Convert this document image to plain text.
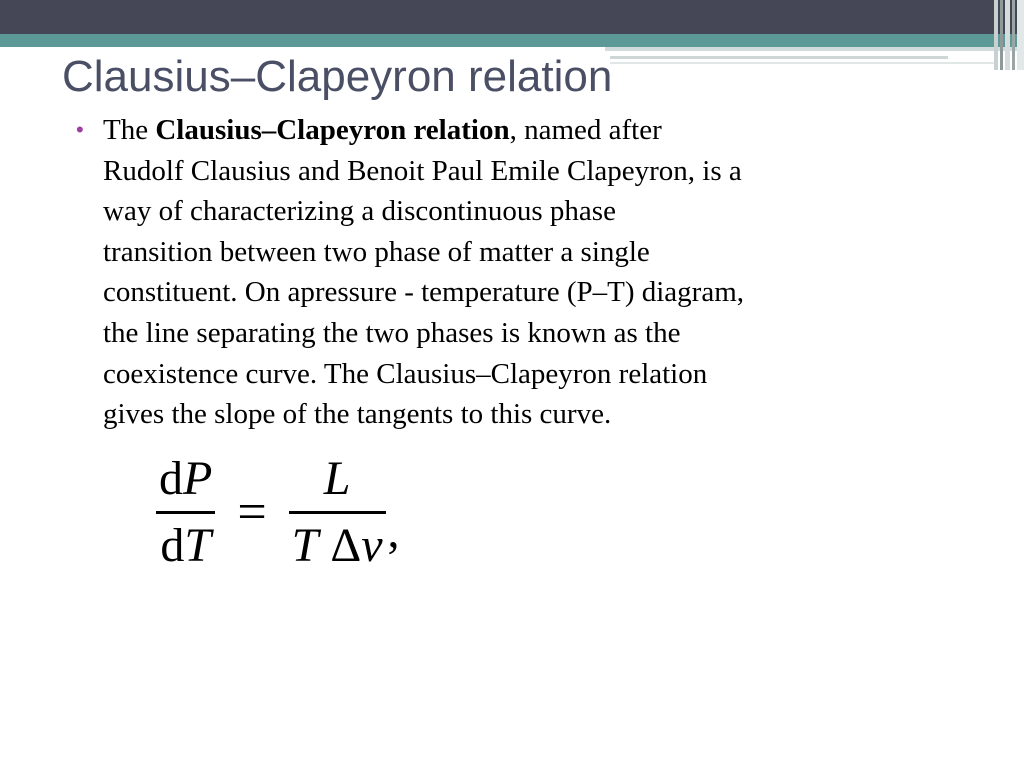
Clausius–Clapeyron relation
• The Clausius–Clapeyron relation, named after
Rudolf Clausius and Benoit Paul Emile Clapeyron, is a
way of characterizing a discontinuous phase
transition between two phase of matter a single
constituent. On apressure - temperature (P–T) diagram,
the line separating the two phases is known as the
coexistence curve. The Clausius–Clapeyron relation
gives the slope of the tangents to this curve.

$\frac{dP}{dT} = \frac{L}{\text{T Δv}}$ ,
